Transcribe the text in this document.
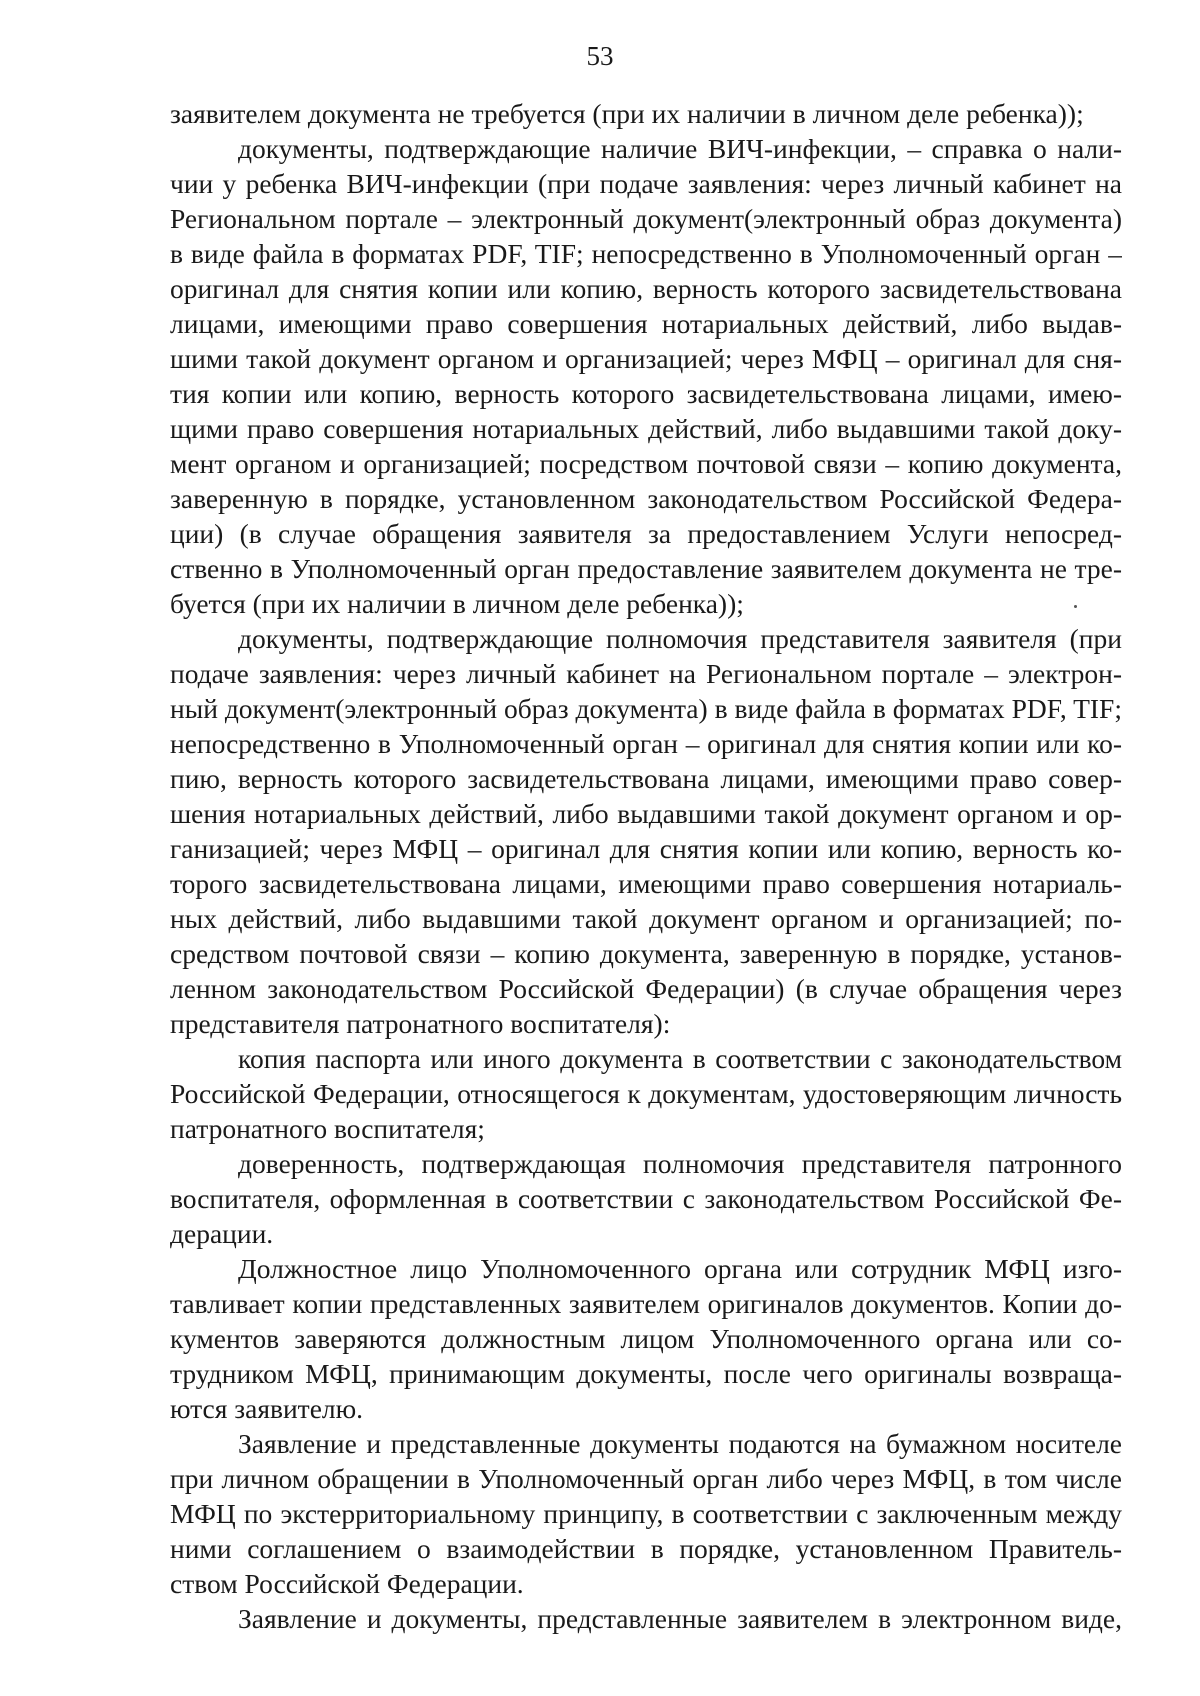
53
заявителем документа не требуется (при их наличии в личном деле ребенка));
документы, подтверждающие наличие ВИЧ-инфекции, – справка о нали-
чии у ребенка ВИЧ-инфекции (при подаче заявления: через личный кабинет на
Региональном портале – электронный документ(электронный образ документа)
в виде файла в форматах PDF, TIF; непосредственно в Уполномоченный орган –
оригинал для снятия копии или копию, верность которого засвидетельствована
лицами, имеющими право совершения нотариальных действий, либо выдав-
шими такой документ органом и организацией; через МФЦ – оригинал для сня-
тия копии или копию, верность которого засвидетельствована лицами, имею-
щими право совершения нотариальных действий, либо выдавшими такой доку-
мент органом и организацией; посредством почтовой связи – копию документа,
заверенную в порядке, установленном законодательством Российской Федера-
ции) (в случае обращения заявителя за предоставлением Услуги непосред-
ственно в Уполномоченный орган предоставление заявителем документа не тре-
буется (при их наличии в личном деле ребенка));
документы, подтверждающие полномочия представителя заявителя (при
подаче заявления: через личный кабинет на Региональном портале – электрон-
ный документ(электронный образ документа) в виде файла в форматах PDF, TIF;
непосредственно в Уполномоченный орган – оригинал для снятия копии или ко-
пию, верность которого засвидетельствована лицами, имеющими право совер-
шения нотариальных действий, либо выдавшими такой документ органом и ор-
ганизацией; через МФЦ – оригинал для снятия копии или копию, верность ко-
торого засвидетельствована лицами, имеющими право совершения нотариаль-
ных действий, либо выдавшими такой документ органом и организацией; по-
средством почтовой связи – копию документа, заверенную в порядке, установ-
ленном законодательством Российской Федерации) (в случае обращения через
представителя патронатного воспитателя):
копия паспорта или иного документа в соответствии с законодательством
Российской Федерации, относящегося к документам, удостоверяющим личность
патронатного воспитателя;
доверенность, подтверждающая полномочия представителя патронного
воспитателя, оформленная в соответствии с законодательством Российской Фе-
дерации.
Должностное лицо Уполномоченного органа или сотрудник МФЦ изго-
тавливает копии представленных заявителем оригиналов документов. Копии до-
кументов заверяются должностным лицом Уполномоченного органа или со-
трудником МФЦ, принимающим документы, после чего оригиналы возвраща-
ются заявителю.
Заявление и представленные документы подаются на бумажном носителе
при личном обращении в Уполномоченный орган либо через МФЦ, в том числе
МФЦ по экстерриториальному принципу, в соответствии с заключенным между
ними соглашением о взаимодействии в порядке, установленном Правитель-
ством Российской Федерации.
Заявление и документы, представленные заявителем в электронном виде,
